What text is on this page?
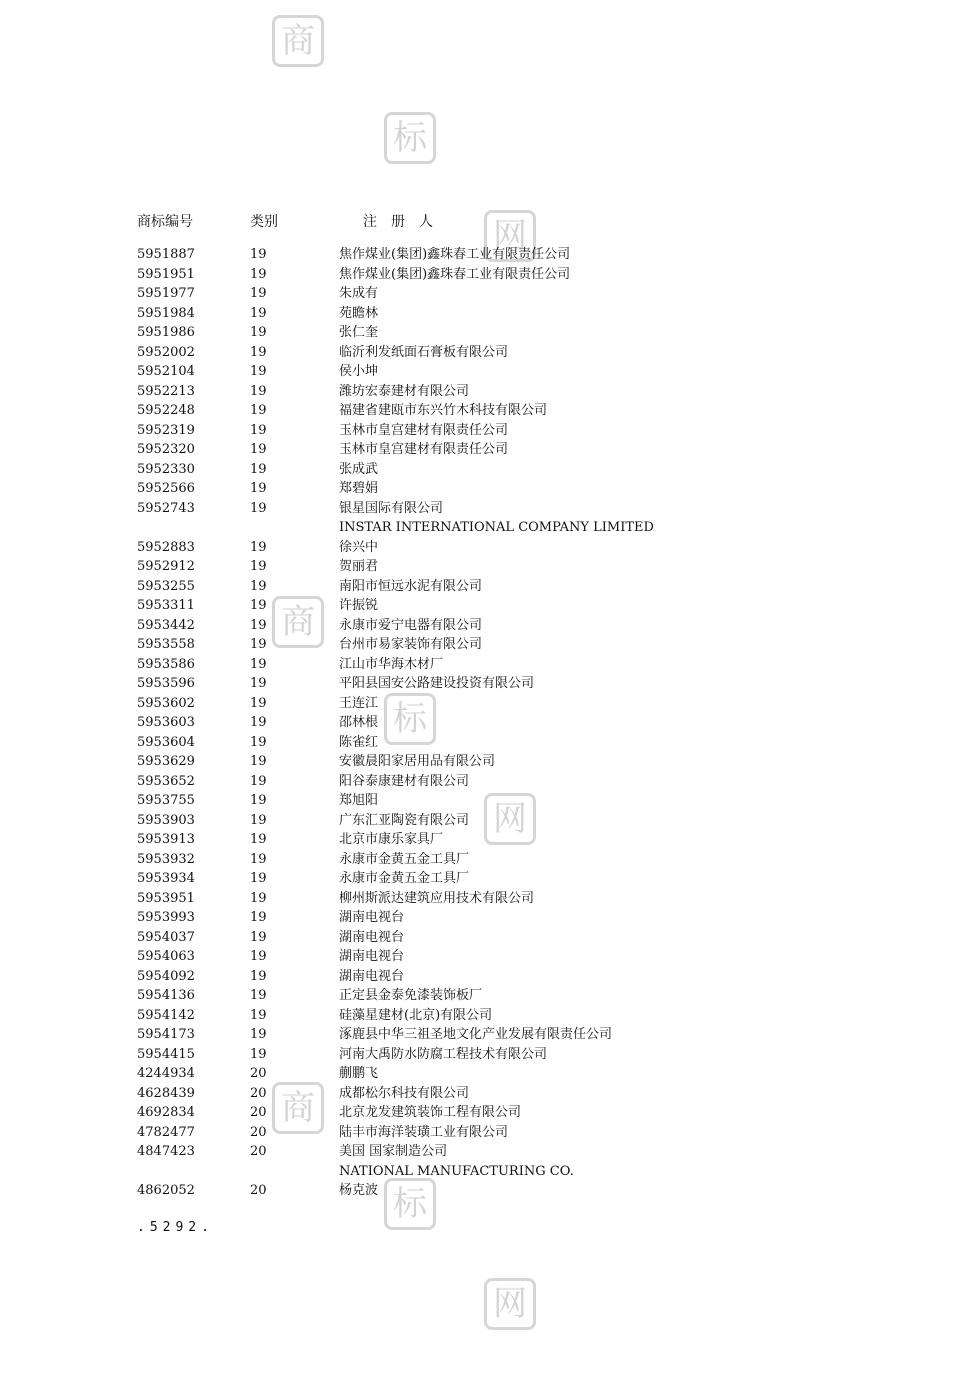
商
标
网
商
标
网
商
标
网
商标编号	类别	注　册　人
5951887	19	焦作煤业(集团)鑫珠春工业有限责任公司
5951951	19	焦作煤业(集团)鑫珠春工业有限责任公司
5951977	19	朱成有
5951984	19	苑瞻林
5951986	19	张仁奎
5952002	19	临沂利发纸面石膏板有限公司
5952104	19	侯小坤
5952213	19	潍坊宏泰建材有限公司
5952248	19	福建省建瓯市东兴竹木科技有限公司
5952319	19	玉林市皇宫建材有限责任公司
5952320	19	玉林市皇宫建材有限责任公司
5952330	19	张成武
5952566	19	郑碧娟
5952743	19	银星国际有限公司
INSTAR INTERNATIONAL COMPANY LIMITED
5952883	19	徐兴中
5952912	19	贺丽君
5953255	19	南阳市恒远水泥有限公司
5953311	19	许振锐
5953442	19	永康市爱宁电器有限公司
5953558	19	台州市易家装饰有限公司
5953586	19	江山市华海木材厂
5953596	19	平阳县国安公路建设投资有限公司
5953602	19	王连江
5953603	19	邵林根
5953604	19	陈雀红
5953629	19	安徽晨阳家居用品有限公司
5953652	19	阳谷泰康建材有限公司
5953755	19	郑旭阳
5953903	19	广东汇亚陶瓷有限公司
5953913	19	北京市康乐家具厂
5953932	19	永康市金黄五金工具厂
5953934	19	永康市金黄五金工具厂
5953951	19	柳州斯派达建筑应用技术有限公司
5953993	19	湖南电视台
5954037	19	湖南电视台
5954063	19	湖南电视台
5954092	19	湖南电视台
5954136	19	正定县金泰免漆装饰板厂
5954142	19	硅藻星建材(北京)有限公司
5954173	19	涿鹿县中华三祖圣地文化产业发展有限责任公司
5954415	19	河南大禹防水防腐工程技术有限公司
4244934	20	蒯鹏飞
4628439	20	成都松尔科技有限公司
4692834	20	北京龙发建筑装饰工程有限公司
4782477	20	陆丰市海洋装璜工业有限公司
4847423	20	美国 国家制造公司
NATIONAL MANUFACTURING CO.
4862052	20	杨克波
.5292.
